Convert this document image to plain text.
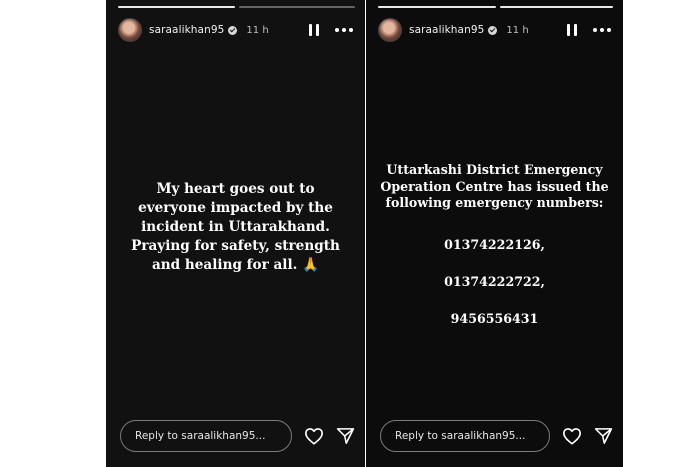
saraalikhan95 11 h
My heart goes out to
everyone impacted by the
incident in Uttarakhand.
Praying for safety, strength
and healing for all. 🙏
Reply to saraalikhan95...
saraalikhan95 11 h
Uttarkashi District Emergency
Operation Centre has issued the
following emergency numbers:
01374222126,
01374222722,
9456556431
Reply to saraalikhan95...
